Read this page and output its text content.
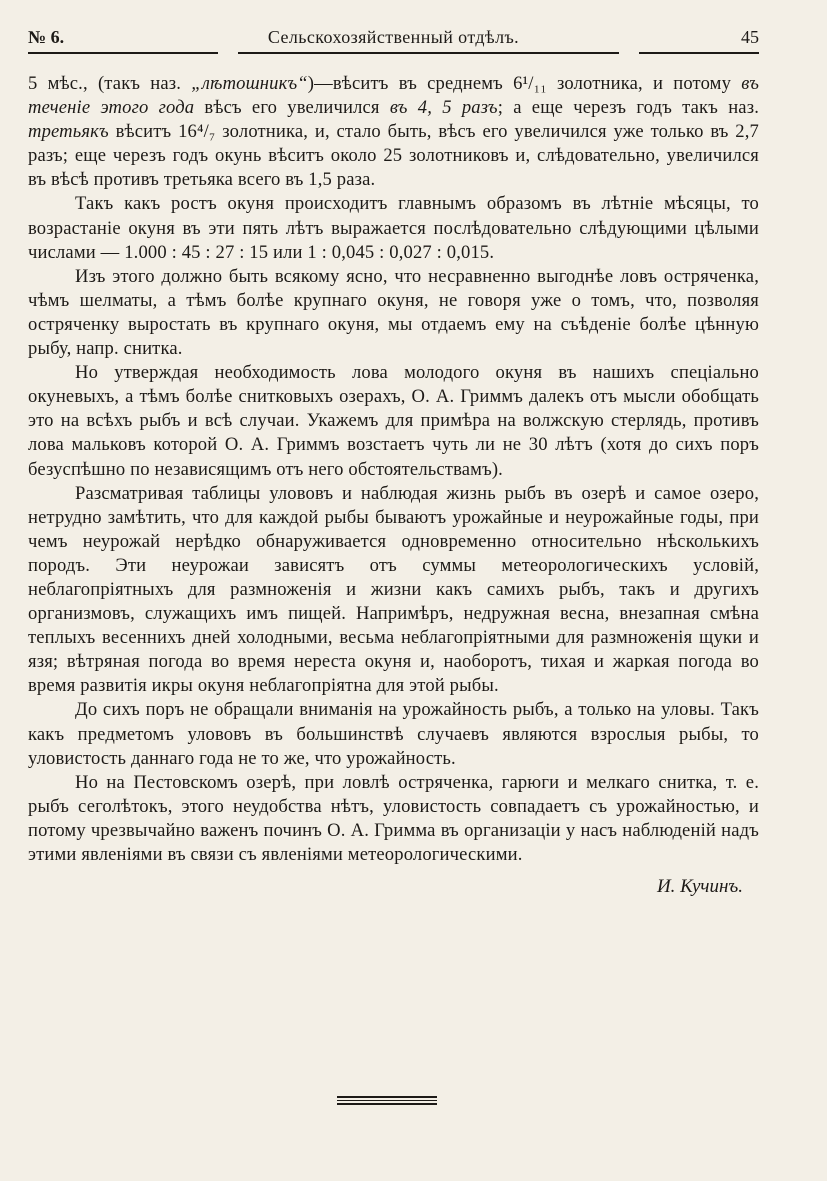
№ 6.	Сельскохозяйственный отдѣлъ.	45

5 мѣс., (такъ наз. „лѣтошникъ“)—вѣситъ въ среднемъ 6¹/₁₁ золотника, и потому въ теченіе этого года вѣсъ его увеличился въ 4, 5 разъ; а еще черезъ годъ такъ наз. третьякъ вѣситъ 16⁴/₇ золотника, и, стало быть, вѣсъ его увеличился уже только въ 2,7 разъ; еще черезъ годъ окунь вѣситъ около 25 золотниковъ и, слѣдовательно, увеличился въ вѣсѣ противъ третьяка всего въ 1,5 раза.

Такъ какъ ростъ окуня происходитъ главнымъ образомъ въ лѣтніе мѣсяцы, то возрастаніе окуня въ эти пять лѣтъ выражается послѣдовательно слѣдующими цѣлыми числами — 1.000 : 45 : 27 : 15 или 1 : 0,045 : 0,027 : 0,015.

Изъ этого должно быть всякому ясно, что несравненно выгоднѣе ловъ остряченка, чѣмъ шелматы, а тѣмъ болѣе крупнаго окуня, не говоря уже о томъ, что, позволяя остряченку выростать въ крупнаго окуня, мы отдаемъ ему на съѣденіе болѣе цѣнную рыбу, напр. снитка.

Но утверждая необходимость лова молодого окуня въ нашихъ спеціально окуневыхъ, а тѣмъ болѣе снитковыхъ озерахъ, О. А. Гриммъ далекъ отъ мысли обобщать это на всѣхъ рыбъ и всѣ случаи. Укажемъ для примѣра на волжскую стерлядь, противъ лова мальковъ которой О. А. Гриммъ возстаетъ чуть ли не 30 лѣтъ (хотя до сихъ поръ безуспѣшно по независящимъ отъ него обстоятельствамъ).

Разсматривая таблицы улововъ и наблюдая жизнь рыбъ въ озерѣ и самое озеро, нетрудно замѣтить, что для каждой рыбы бываютъ урожайные и неурожайные годы, при чемъ неурожай нерѣдко обнаруживается одновременно относительно нѣсколькихъ породъ. Эти неурожаи зависятъ отъ суммы метеорологическихъ условій, неблагопріятныхъ для размноженія и жизни какъ самихъ рыбъ, такъ и другихъ организмовъ, служащихъ имъ пищей. Напримѣръ, недружная весна, внезапная смѣна теплыхъ весеннихъ дней холодными, весьма неблагопріятными для размноженія щуки и язя; вѣтряная погода во время нереста окуня и, наоборотъ, тихая и жаркая погода во время развитія икры окуня неблагопріятна для этой рыбы.

До сихъ поръ не обращали вниманія на урожайность рыбъ, а только на уловы. Такъ какъ предметомъ улововъ въ большинствѣ случаевъ являются взрослыя рыбы, то уловистость даннаго года не то же, что урожайность.

Но на Пестовскомъ озерѣ, при ловлѣ остряченка, гарюги и мелкаго снитка, т. е. рыбъ сеголѣтокъ, этого неудобства нѣтъ, уловистость совпадаетъ съ урожайностью, и потому чрезвычайно важенъ починъ О. А. Гримма въ организаціи у насъ наблюденій надъ этими явленіями въ связи съ явленіями метеорологическими.

И. Кучинъ.
